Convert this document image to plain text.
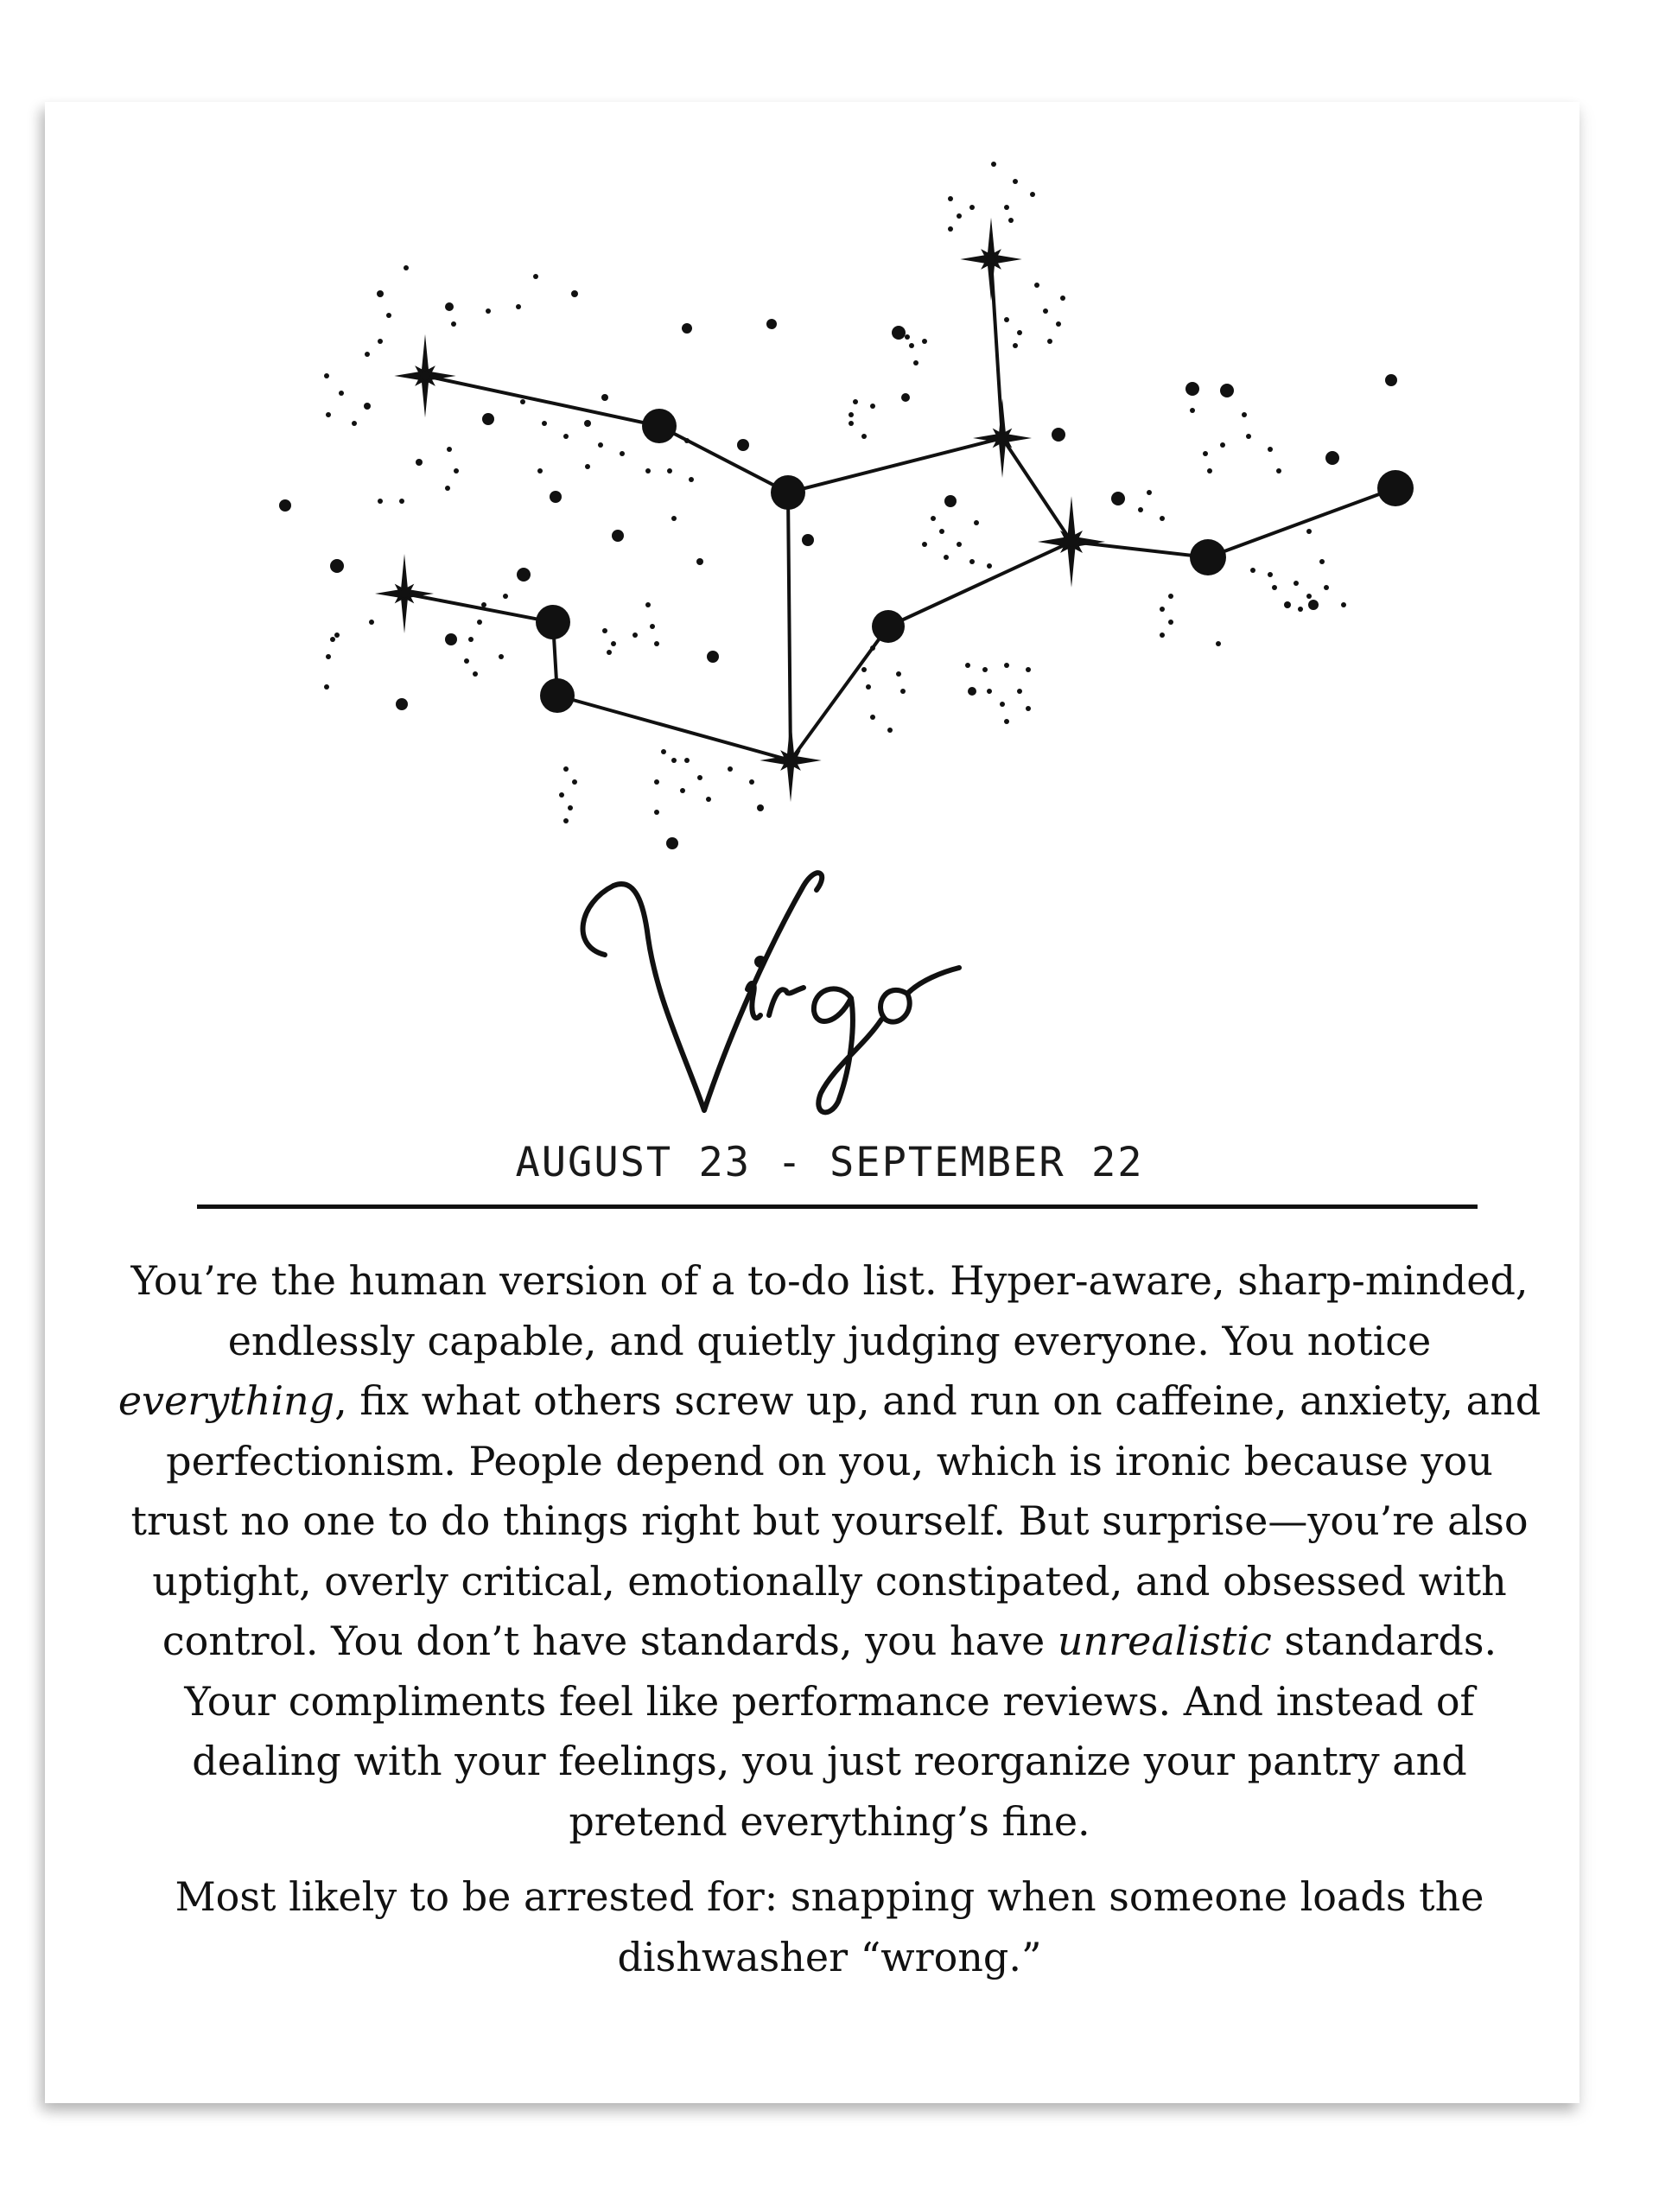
AUGUST 23 - SEPTEMBER 22

You’re the human version of a to-do list. Hyper-aware, sharp-minded, endlessly capable, and quietly judging everyone. You notice everything, fix what others screw up, and run on caffeine, anxiety, and perfectionism. People depend on you, which is ironic because you trust no one to do things right but yourself. But surprise—you’re also uptight, overly critical, emotionally constipated, and obsessed with control. You don’t have standards, you have unrealistic standards. Your compliments feel like performance reviews. And instead of dealing with your feelings, you just reorganize your pantry and pretend everything’s fine.

Most likely to be arrested for: snapping when someone loads the dishwasher “wrong.”
